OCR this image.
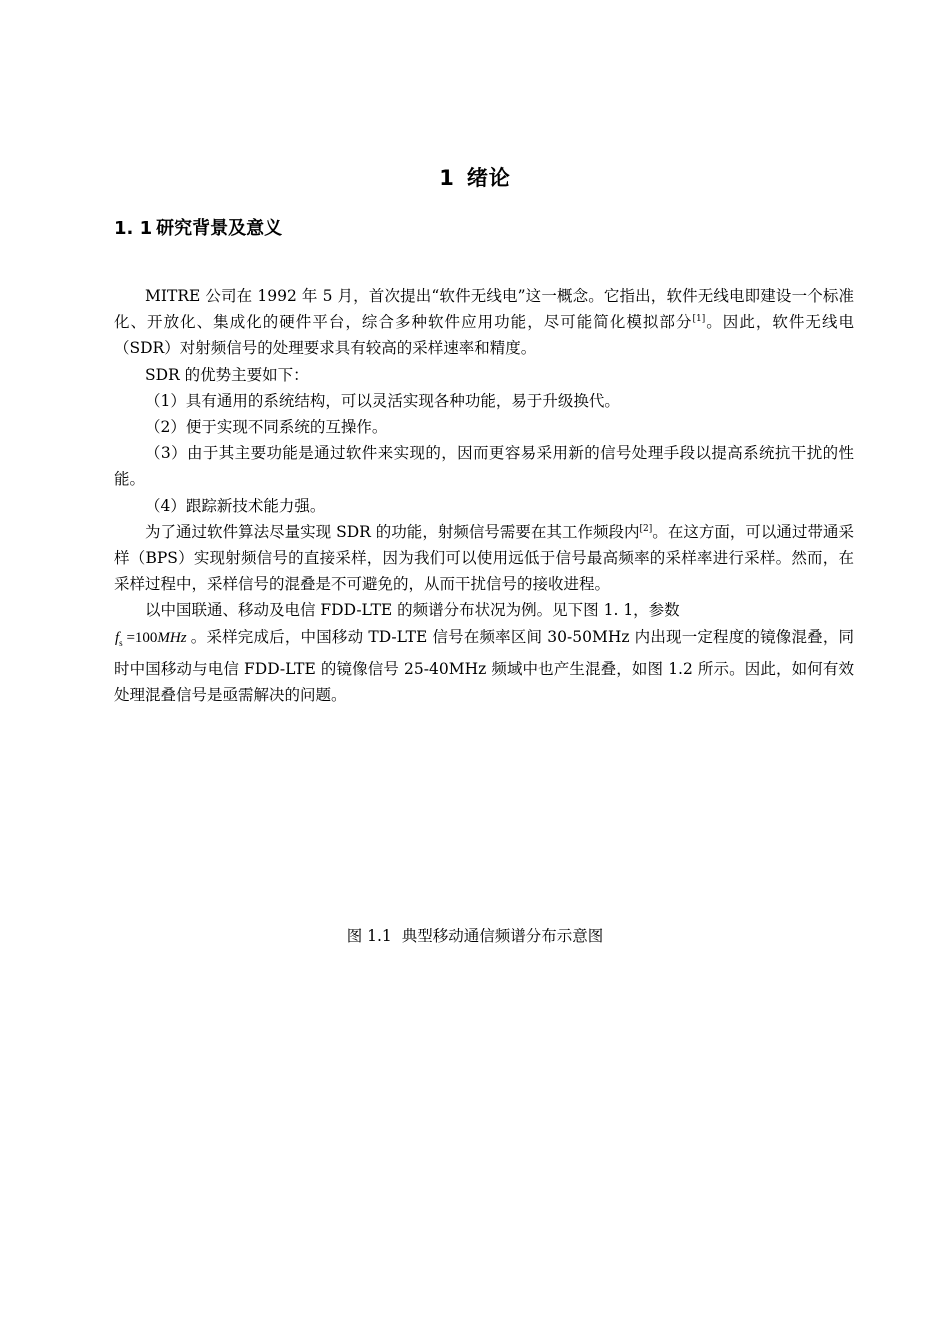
1 绪论
1. 1 研究背景及意义

MITRE 公司在 1992 年 5 月，首次提出“软件无线电”这一概念。它指出，软件无线电即建设一个标准化、开放化、集成化的硬件平台，综合多种软件应用功能，尽可能简化模拟部分[1]。因此，软件无线电（SDR）对射频信号的处理要求具有较高的采样速率和精度。

SDR 的优势主要如下：

（1）具有通用的系统结构，可以灵活实现各种功能，易于升级换代。

（2）便于实现不同系统的互操作。

（3）由于其主要功能是通过软件来实现的，因而更容易采用新的信号处理手段以提高系统抗干扰的性能。

（4）跟踪新技术能力强。

为了通过软件算法尽量实现 SDR 的功能，射频信号需要在其工作频段内[2]。在这方面，可以通过带通采样（BPS）实现射频信号的直接采样，因为我们可以使用远低于信号最高频率的采样率进行采样。然而，在采样过程中，采样信号的混叠是不可避免的，从而干扰信号的接收进程。

以中国联通、移动及电信 FDD-LTE 的频谱分布状况为例。见下图 1. 1，参数
$f_s =100MHz$ 。采样完成后，中国移动 TD-LTE 信号在频率区间 30-50MHz 内出现一定程度的镜像混叠，同时中国移动与电信 FDD-LTE 的镜像信号 25-40MHz 频域中也产生混叠，如图 1.2 所示。因此，如何有效处理混叠信号是亟需解决的问题。

图 1.1 典型移动通信频谱分布示意图
